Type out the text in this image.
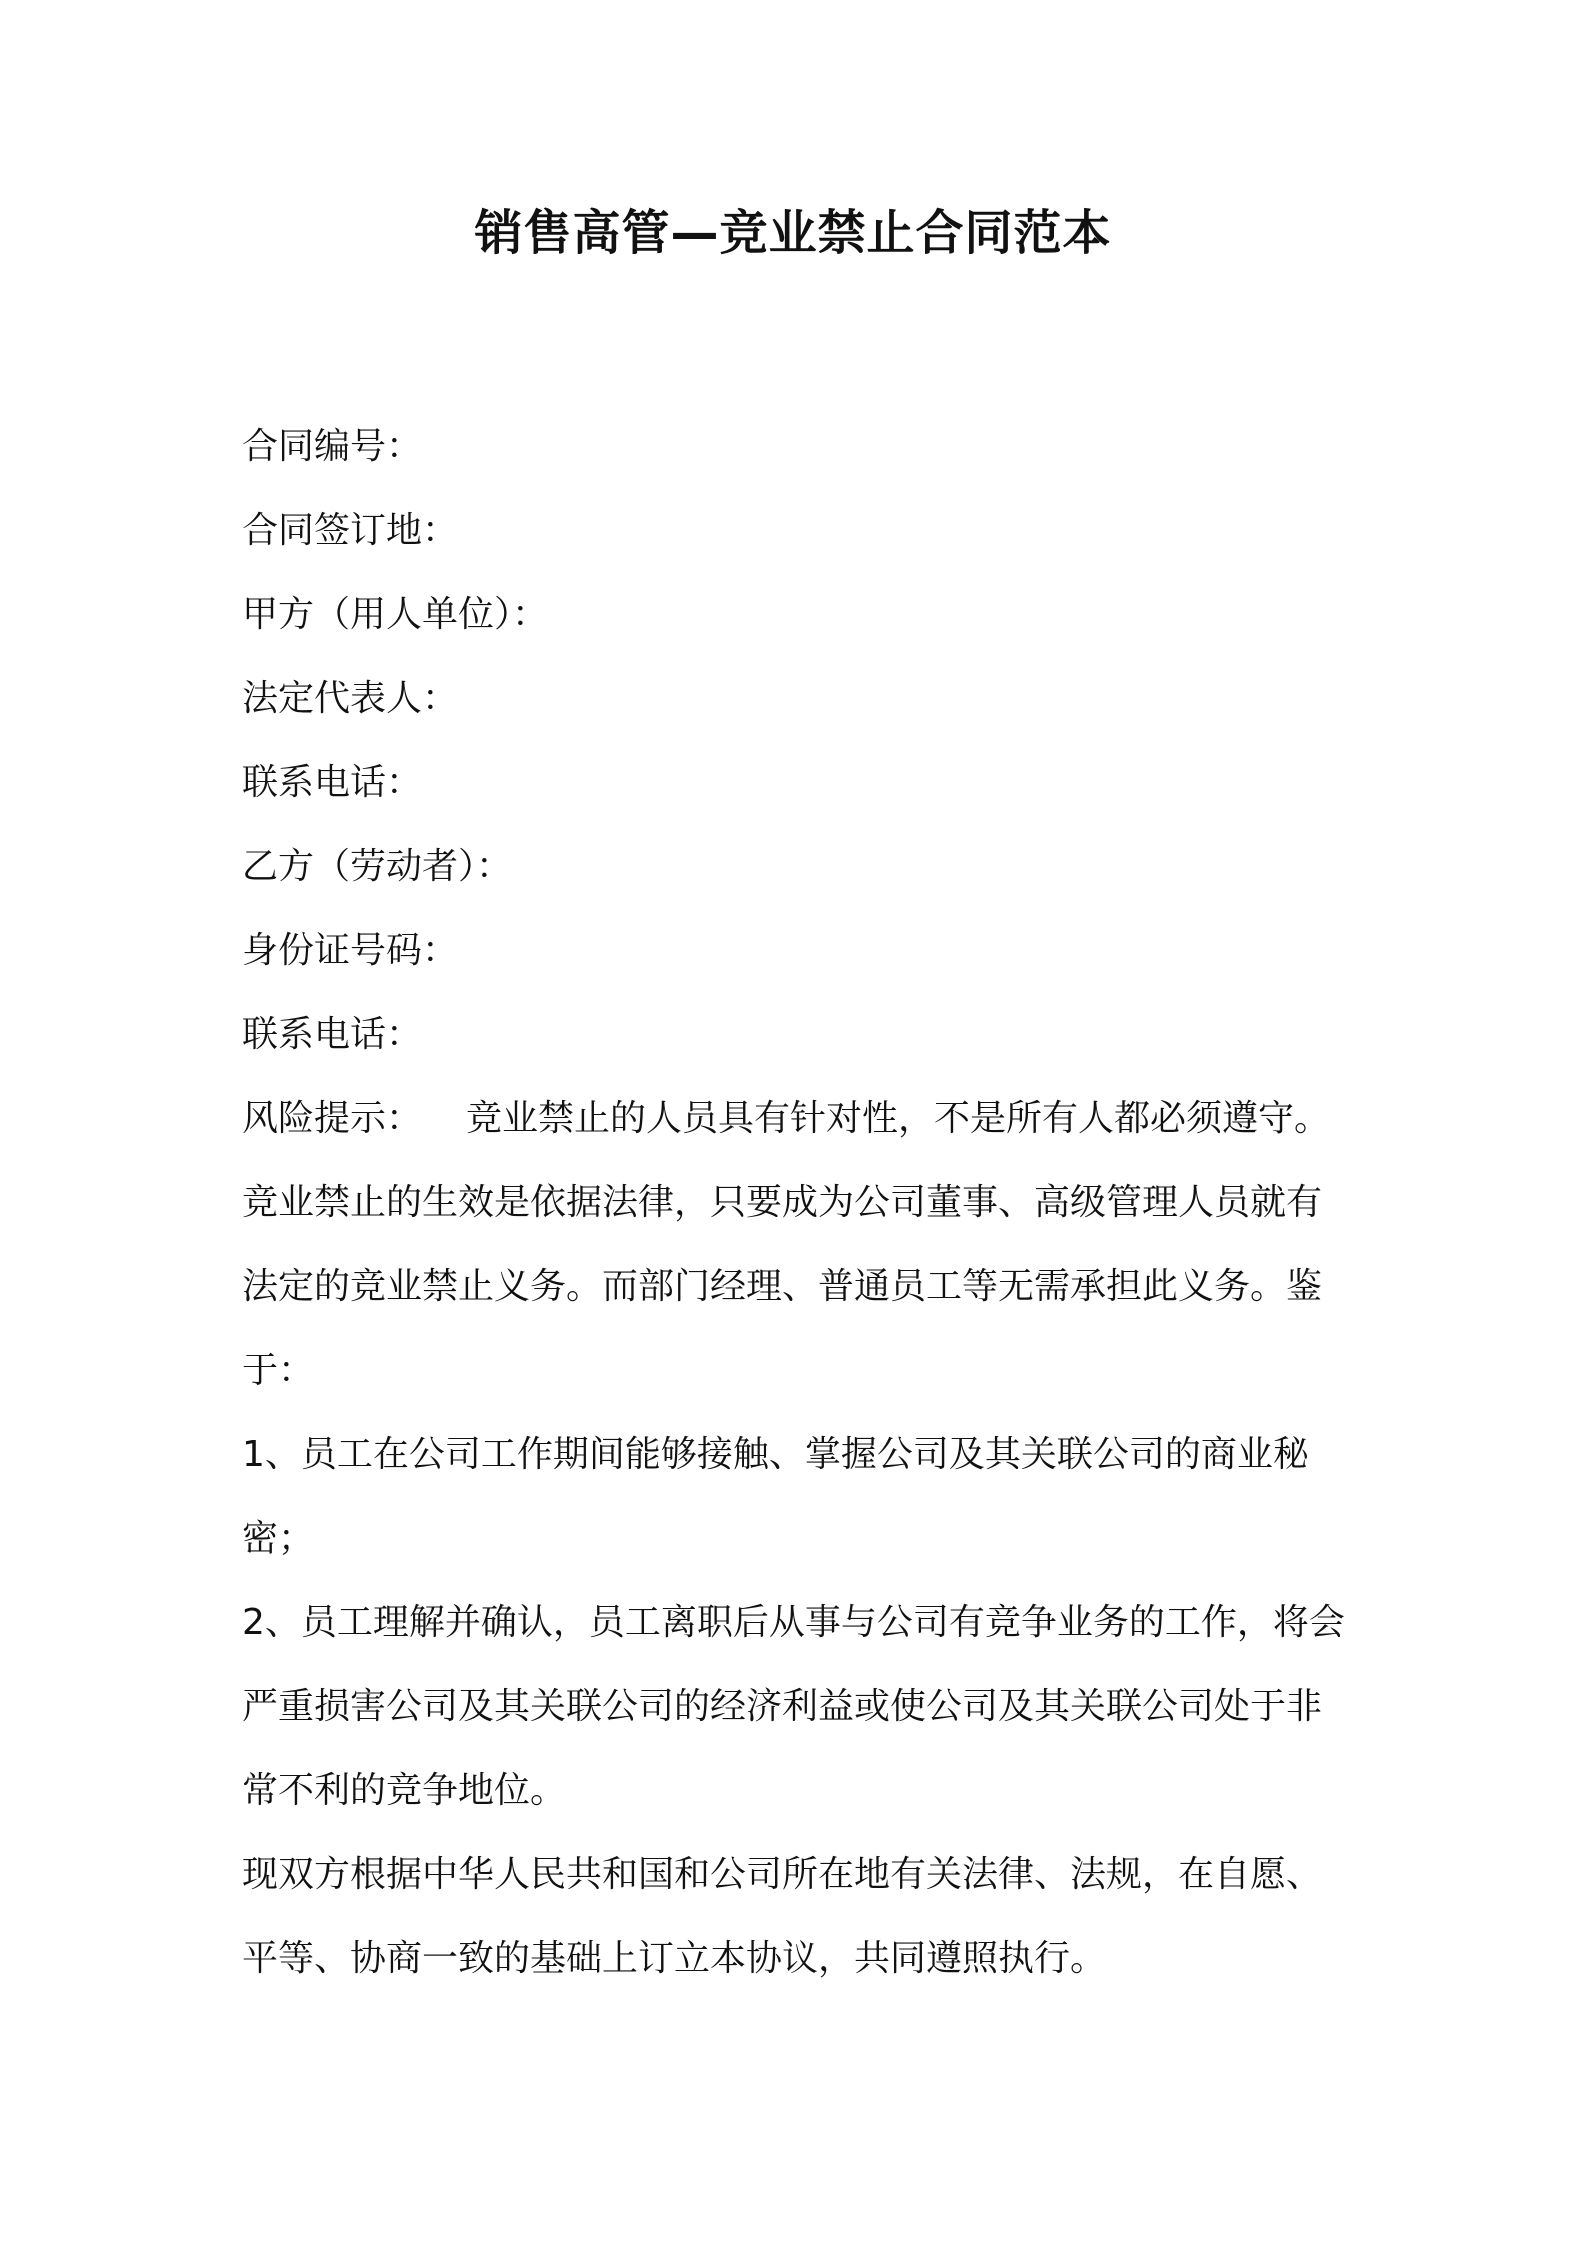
销售高管—竞业禁止合同范本
合同编号：
合同签订地：
甲方（用人单位）：
法定代表人：
联系电话：
乙方（劳动者）：
身份证号码：
联系电话：

风险提示： 竞业禁止的人员具有针对性，不是所有人都必须遵守。竞业禁止的生效是依据法律，只要成为公司董事、高级管理人员就有法定的竞业禁止义务。而部门经理、普通员工等无需承担此义务。鉴于：

1、员工在公司工作期间能够接触、掌握公司及其关联公司的商业秘密；

2、员工理解并确认，员工离职后从事与公司有竞争业务的工作，将会严重损害公司及其关联公司的经济利益或使公司及其关联公司处于非常不利的竞争地位。

现双方根据中华人民共和国和公司所在地有关法律、法规，在自愿、平等、协商一致的基础上订立本协议，共同遵照执行。
